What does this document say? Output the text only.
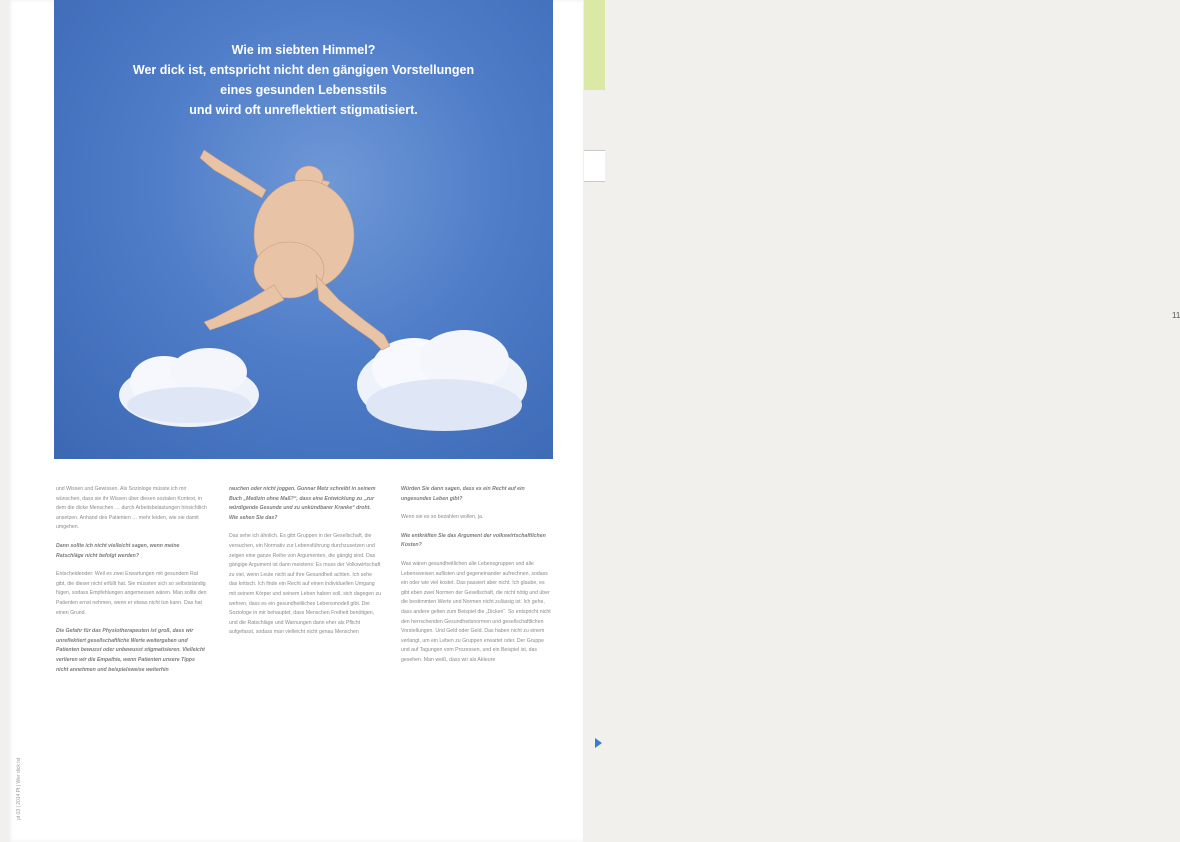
11
Wie im siebten Himmel?
Wer dick ist, entspricht nicht den gängigen Vorstellungen
eines gesunden Lebensstils
und wird oft unreflektiert stigmatisiert.
pt 03 | 2014 Pt | Wer dick ist

und Wissen und Gewissen. Als Soziologe müsste ich mir wünschen, dass sie ihr Wissen über diesen sozialen Kontext, in dem die dicke Menschen … durch Arbeitsbelastungen hinsichtlich ansetzen. Anhand des Patienten … mehr leiden, wie sie damit umgehen.

Dann sollte ich nicht vielleicht sagen, wenn meine Ratschläge nicht befolgt werden?

Entscheidender: Weil es zwei Erwartungen mit gesundem Rat gibt, die dieser nicht erfüllt hat. Sie müssten sich so selbstständig fügen, sodass Empfehlungen angemessen wären. Man sollte den Patienten ernst nehmen, wenn er etwas nicht tun kann. Das hat einen Grund.

Die Gefahr für das Physiotherapeuten ist groß, dass wir unreflektiert gesellschaftliche Werte weitergeben und Patienten bewusst oder unbewusst stigmatisieren. Vielleicht verlieren wir die Empathie, wenn Patienten unsere Tipps nicht annehmen und beispielsweise weiterhin

rauchen oder nicht joggen. Gunnar Metz schreibt in seinem Buch „Medizin ohne Maß?“, dass eine Entwicklung zu „zur würdigende Gesunde und zu unkündbarer Kranke“ droht. Wie sehen Sie das?

Das sehe ich ähnlich. Es gibt Gruppen in der Gesellschaft, die versuchen, ein Normativ zur Lebensführung durchzusetzen und zeigen eine ganze Reihe von Argumenten, die gängig sind. Das gängige Argument ist dann meistens: Es muss der Volkswirtschaft zu viel, wenn Leute nicht auf ihre Gesundheit achten. Ich sehe das kritisch. Ich finde ein Recht auf einen individuellen Umgang mit seinem Körper und seinem Leben haben soll, sich dagegen zu wehren, dass es ein gesundheitliches Lebensmodell gibt. Der Soziologe in mir behauptet, dass Menschen Freiheit benötigen, und die Ratschläge und Warnungen dann eher als Pflicht aufgefasst, sodass man vielleicht nicht genau Menschen

Würden Sie dann sagen, dass es ein Recht auf ein ungesundes Leben gibt?

Wenn sie es so bezahlen wollen, ja.

Wie entkräften Sie das Argument der volkswirtschaftlichen Kosten?

Was wären gesundheitlichen alle Lebensgruppen und alle Lebensweisen auflisten und gegeneinander aufrechnen, sodass ein oder wie viel kostet. Das passiert aber nicht. Ich glaube, es gibt eben zwei Normen der Gesellschaft, die nicht nötig und über die bestimmten Werte und Normen nicht zulässig ist. Ich gehe, dass andere gelten zum Beispiel die „Dicken“. So entspricht nicht den herrschenden Gesundheitsnormen und gesellschaftlichen Vorstellungen. Und Geld oder Geld. Das haben nicht zu einem verlangt, um ein Leben zu Gruppen erwartet oder. Der Gruppe und auf Tagungen vom Prozessen, und ein Beispiel ist, das gesehen. Man weiß, dass wir als Akteure
